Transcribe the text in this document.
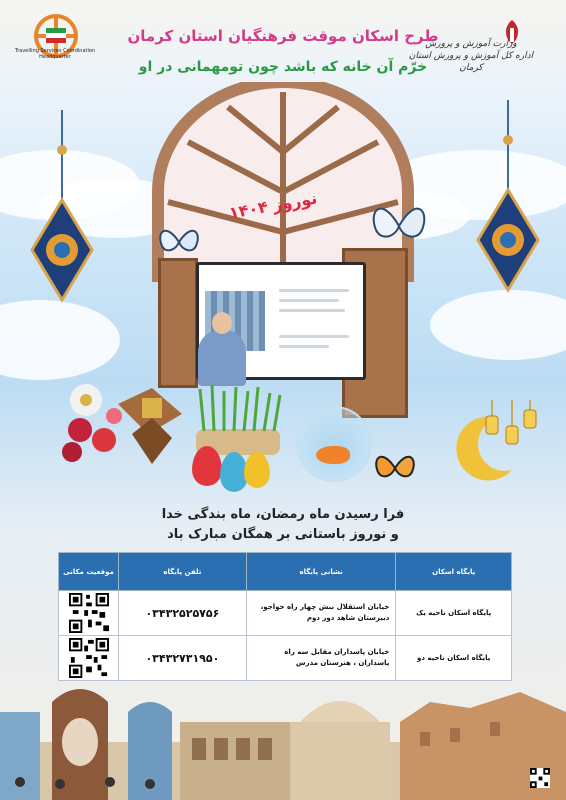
طرح اسکان موقت فرهنگیان استان کرمان
خرّم آن خانه که باشد چون تومهمانی در او
Travelling Services Coordination Headquarter
وزارت آموزش و پرورش
اداره کل آموزش و پرورش استان کرمان
نوروز ۱۴۰۴
فرا رسیدن ماه رمضان، ماه بندگی خدا
و نوروز باستانی بر همگان مبارک باد
پایگاه اسکان	نشانی پایگاه	تلفن پایگاه	موقعیت مکانی
پایگاه اسکان ناحیه یک	خیابان استقلال نبش چهار راه خواجو، دبیرستان شاهد دور دوم	۰۳۴۳۲۵۲۵۷۵۶	
پایگاه اسکان ناحیه دو	خیابان پاسداران مقابل سه راه پاسداران ، هنرستان مدرس	۰۳۴۳۲۷۳۱۹۵۰	
